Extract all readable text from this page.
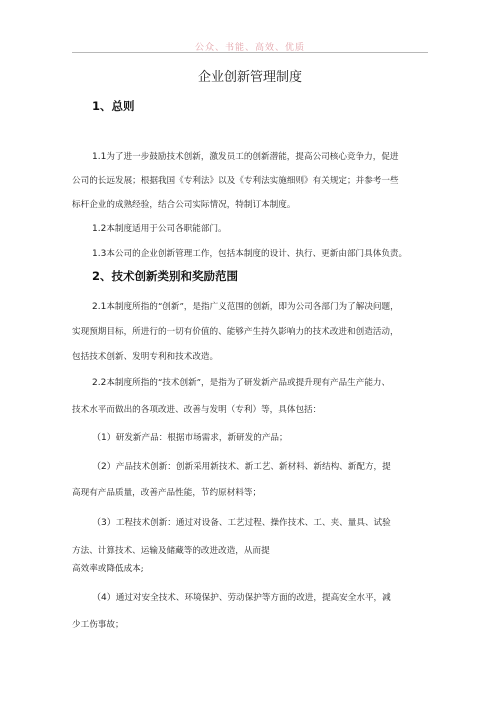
公众、书能、高效、优质
企业创新管理制度
1、总则
1.1为了进一步鼓励技术创新，激发员工的创新潜能，提高公司核心竞争力，促进
公司的长远发展；根据我国《专利法》以及《专利法实施细则》有关规定；并参考一些
标杆企业的成熟经验，结合公司实际情况，特制订本制度。
1.2本制度适用于公司各职能部门。
1.3本公司的企业创新管理工作，包括本制度的设计、执行、更新由部门具体负责。
2、技术创新类别和奖励范围
2.1本制度所指的“创新”，是指广义范围的创新，即为公司各部门为了解决问题，
实现预期目标，所进行的一切有价值的、能够产生持久影响力的技术改进和创造活动，
包括技术创新、发明专利和技术改造。
2.2本制度所指的“技术创新”，是指为了研发新产品或提升现有产品生产能力、
技术水平而做出的各项改进、改善与发明（专利）等，具体包括：
（1）研发新产品：根据市场需求，新研发的产品；
（2）产品技术创新：创新采用新技术、新工艺、新材料、新结构、新配方，提
高现有产品质量，改善产品性能，节约原材料等；
（3）工程技术创新：通过对设备、工艺过程、操作技术、工、夹、量具、试验
方法、计算技术、运输及储藏等的改进改造，从而提
高效率或降低成本;
（4）通过对安全技术、环境保护、劳动保护等方面的改进，提高安全水平，减
少工伤事故；
